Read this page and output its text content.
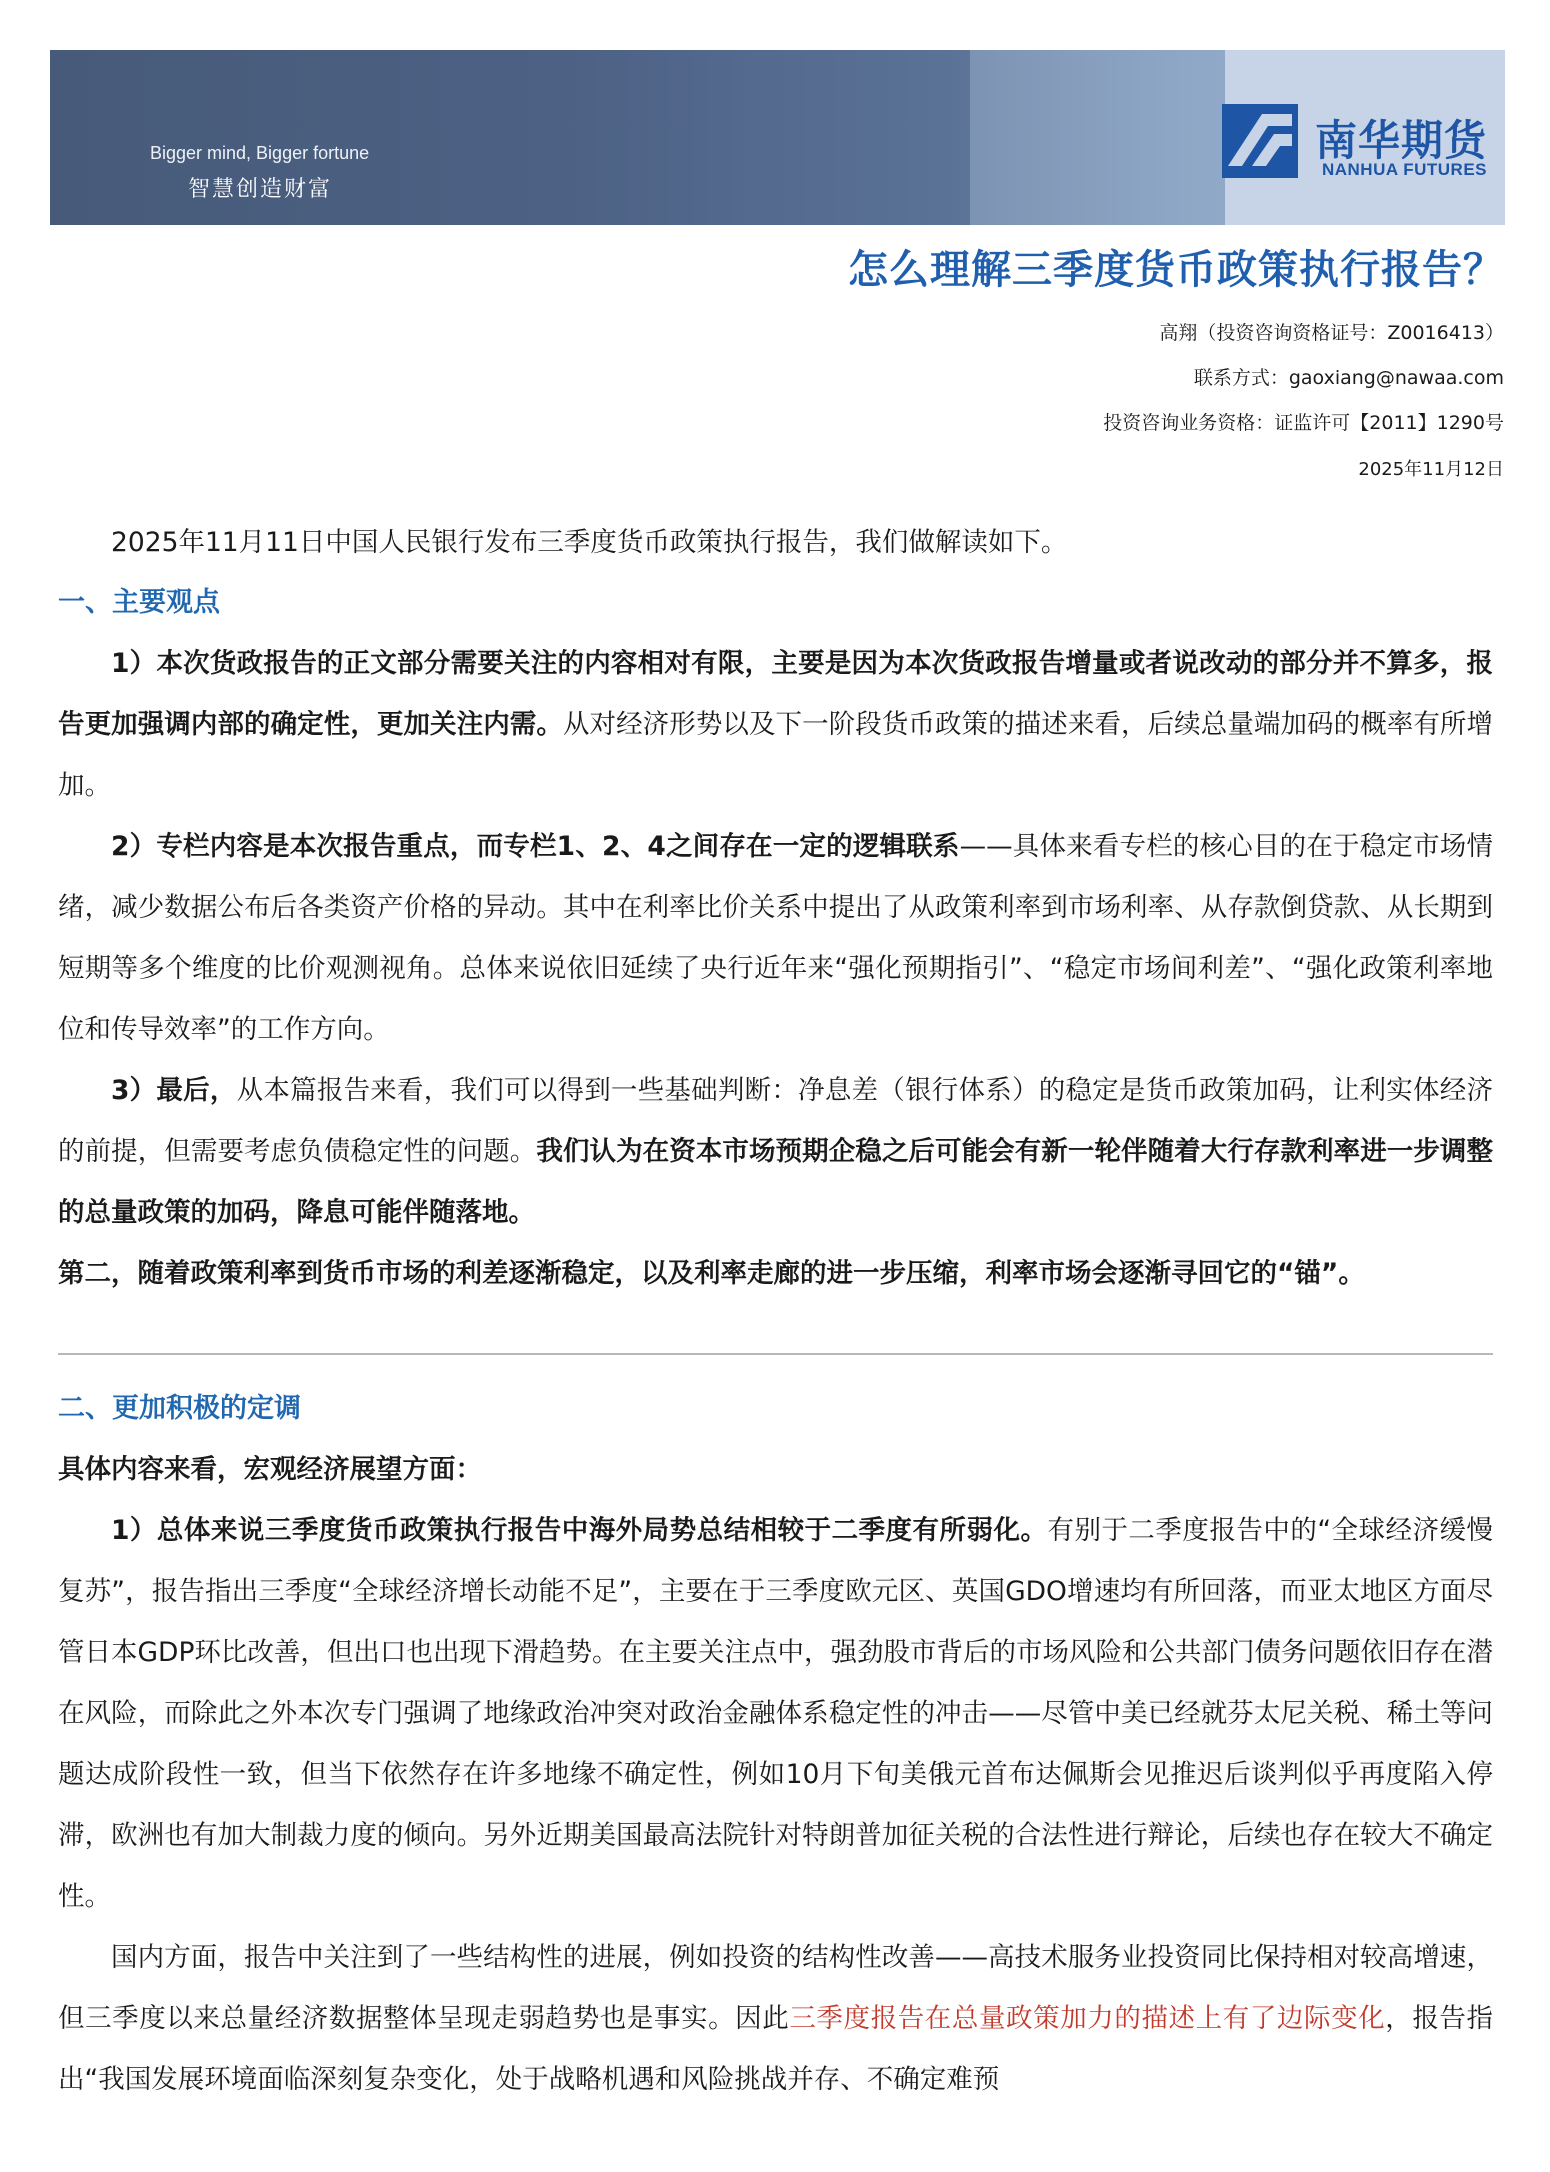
Bigger mind, Bigger fortune
智慧创造财富
南华期货
NANHUA FUTURES
怎么理解三季度货币政策执行报告？
高翔（投资咨询资格证号：Z0016413）
联系方式：gaoxiang@nawaa.com
投资咨询业务资格：证监许可【2011】1290号
2025年11月12日
2025年11月11日中国人民银行发布三季度货币政策执行报告，我们做解读如下。
一、主要观点
1）本次货政报告的正文部分需要关注的内容相对有限，主要是因为本次货政报告增量或者说改动的部分并不算多，报告更加强调内部的确定性，更加关注内需。从对经济形势以及下一阶段货币政策的描述来看，后续总量端加码的概率有所增加。
2）专栏内容是本次报告重点，而专栏1、2、4之间存在一定的逻辑联系——具体来看专栏的核心目的在于稳定市场情绪，减少数据公布后各类资产价格的异动。其中在利率比价关系中提出了从政策利率到市场利率、从存款倒贷款、从长期到短期等多个维度的比价观测视角。总体来说依旧延续了央行近年来“强化预期指引”、“稳定市场间利差”、“强化政策利率地位和传导效率”的工作方向。
3）最后，从本篇报告来看，我们可以得到一些基础判断：净息差（银行体系）的稳定是货币政策加码，让利实体经济的前提，但需要考虑负债稳定性的问题。我们认为在资本市场预期企稳之后可能会有新一轮伴随着大行存款利率进一步调整的总量政策的加码，降息可能伴随落地。
第二，随着政策利率到货币市场的利差逐渐稳定，以及利率走廊的进一步压缩，利率市场会逐渐寻回它的“锚”。
二、更加积极的定调
具体内容来看，宏观经济展望方面：
1）总体来说三季度货币政策执行报告中海外局势总结相较于二季度有所弱化。有别于二季度报告中的“全球经济缓慢复苏”，报告指出三季度“全球经济增长动能不足”，主要在于三季度欧元区、英国GDO增速均有所回落，而亚太地区方面尽管日本GDP环比改善，但出口也出现下滑趋势。在主要关注点中，强劲股市背后的市场风险和公共部门债务问题依旧存在潜在风险，而除此之外本次专门强调了地缘政治冲突对政治金融体系稳定性的冲击——尽管中美已经就芬太尼关税、稀土等问题达成阶段性一致，但当下依然存在许多地缘不确定性，例如10月下旬美俄元首布达佩斯会见推迟后谈判似乎再度陷入停滞，欧洲也有加大制裁力度的倾向。另外近期美国最高法院针对特朗普加征关税的合法性进行辩论，后续也存在较大不确定性。
国内方面，报告中关注到了一些结构性的进展，例如投资的结构性改善——高技术服务业投资同比保持相对较高增速，但三季度以来总量经济数据整体呈现走弱趋势也是事实。因此三季度报告在总量政策加力的描述上有了边际变化，报告指出“我国发展环境面临深刻复杂变化，处于战略机遇和风险挑战并存、不确定难预
